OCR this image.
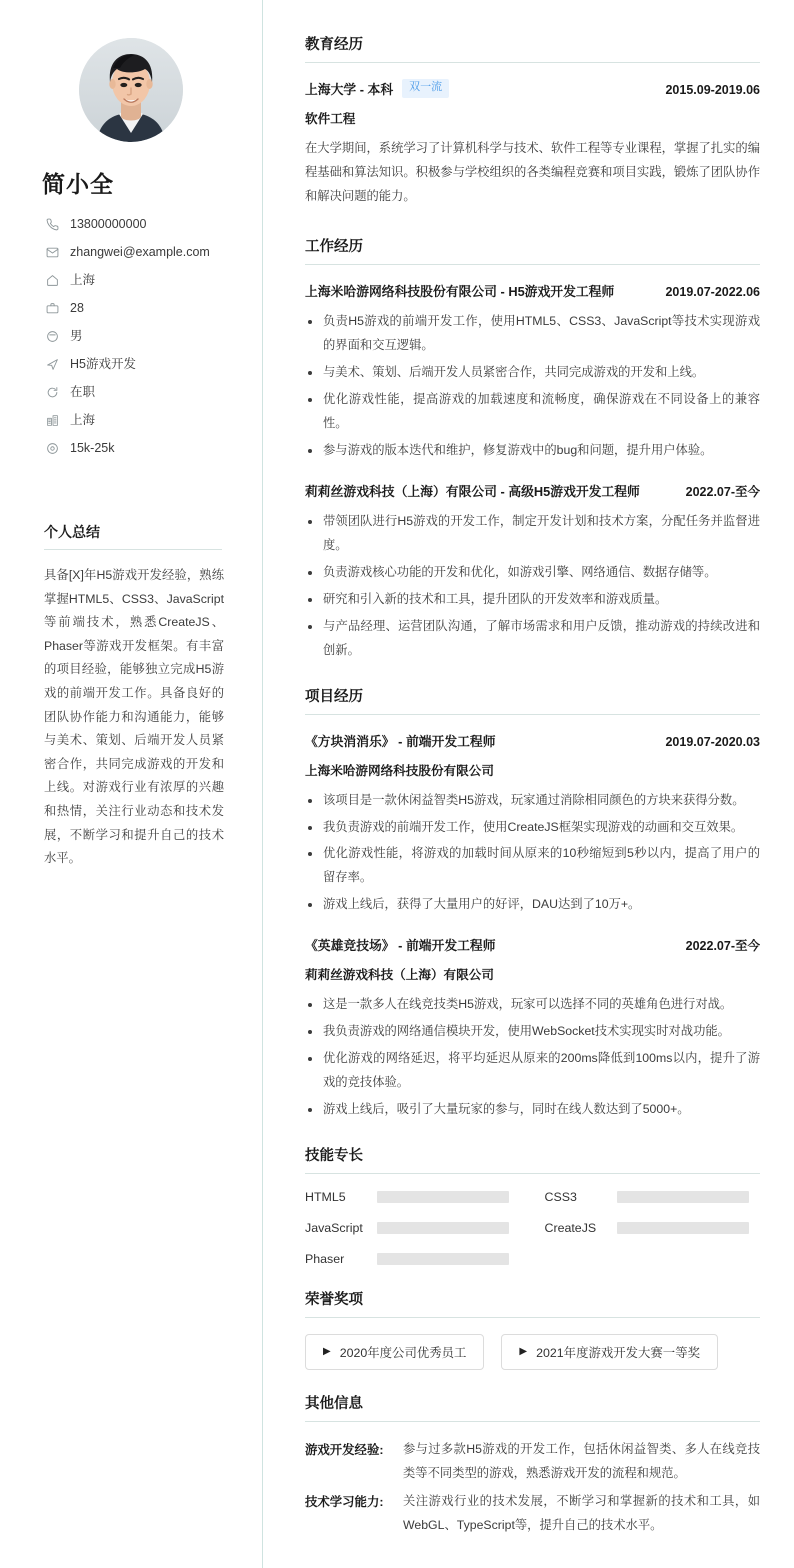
简小全
13800000000
zhangwei@example.com
上海
28
男
H5游戏开发
在职
上海
15k-25k
个人总结
具备[X]年H5游戏开发经验，熟练掌握HTML5、CSS3、JavaScript等前端技术，熟悉CreateJS、Phaser等游戏开发框架。有丰富的项目经验，能够独立完成H5游戏的前端开发工作。具备良好的团队协作能力和沟通能力，能够与美术、策划、后端开发人员紧密合作，共同完成游戏的开发和上线。对游戏行业有浓厚的兴趣和热情，关注行业动态和技术发展，不断学习和提升自己的技术水平。
教育经历
上海大学 - 本科	双一流	2015.09-2019.06
软件工程
在大学期间，系统学习了计算机科学与技术、软件工程等专业课程，掌握了扎实的编程基础和算法知识。积极参与学校组织的各类编程竞赛和项目实践，锻炼了团队协作和解决问题的能力。
工作经历
上海米哈游网络科技股份有限公司 - H5游戏开发工程师	2019.07-2022.06
负责H5游戏的前端开发工作，使用HTML5、CSS3、JavaScript等技术实现游戏的界面和交互逻辑。
与美术、策划、后端开发人员紧密合作，共同完成游戏的开发和上线。
优化游戏性能，提高游戏的加载速度和流畅度，确保游戏在不同设备上的兼容性。
参与游戏的版本迭代和维护，修复游戏中的bug和问题，提升用户体验。
莉莉丝游戏科技（上海）有限公司 - 高级H5游戏开发工程师	2022.07-至今
带领团队进行H5游戏的开发工作，制定开发计划和技术方案，分配任务并监督进度。
负责游戏核心功能的开发和优化，如游戏引擎、网络通信、数据存储等。
研究和引入新的技术和工具，提升团队的开发效率和游戏质量。
与产品经理、运营团队沟通，了解市场需求和用户反馈，推动游戏的持续改进和创新。
项目经历
《方块消消乐》 - 前端开发工程师	2019.07-2020.03
上海米哈游网络科技股份有限公司
该项目是一款休闲益智类H5游戏，玩家通过消除相同颜色的方块来获得分数。
我负责游戏的前端开发工作，使用CreateJS框架实现游戏的动画和交互效果。
优化游戏性能，将游戏的加载时间从原来的10秒缩短到5秒以内，提高了用户的留存率。
游戏上线后，获得了大量用户的好评，DAU达到了10万+。
《英雄竞技场》 - 前端开发工程师	2022.07-至今
莉莉丝游戏科技（上海）有限公司
这是一款多人在线竞技类H5游戏，玩家可以选择不同的英雄角色进行对战。
我负责游戏的网络通信模块开发，使用WebSocket技术实现实时对战功能。
优化游戏的网络延迟，将平均延迟从原来的200ms降低到100ms以内，提升了游戏的竞技体验。
游戏上线后，吸引了大量玩家的参与，同时在线人数达到了5000+。
技能专长
HTML5	CSS3
JavaScript	CreateJS
Phaser
荣誉奖项
▶ 2020年度公司优秀员工	▶ 2021年度游戏开发大赛一等奖
其他信息
游戏开发经验:	参与过多款H5游戏的开发工作，包括休闲益智类、多人在线竞技类等不同类型的游戏，熟悉游戏开发的流程和规范。
技术学习能力:	关注游戏行业的技术发展，不断学习和掌握新的技术和工具，如WebGL、TypeScript等，提升自己的技术水平。
